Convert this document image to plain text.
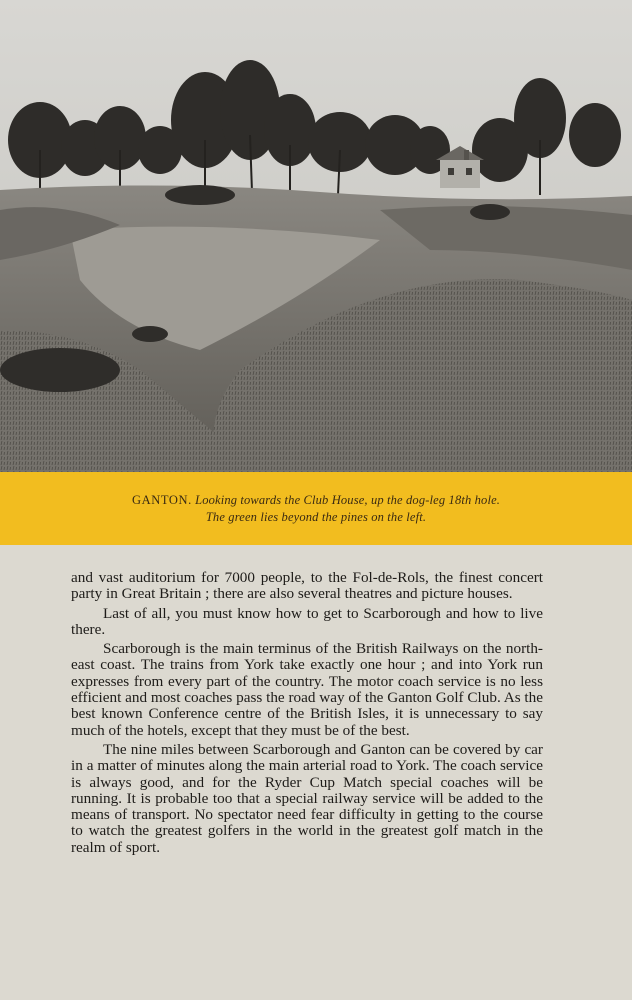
GANTON. Looking towards the Club House, up the dog-leg 18th hole.
The green lies beyond the pines on the left.

and vast auditorium for 7000 people, to the Fol-de-Rols, the finest concert party in Great Britain ; there are also several theatres and picture houses.

Last of all, you must know how to get to Scarborough and how to live there.

Scarborough is the main terminus of the British Railways on the north-east coast. The trains from York take exactly one hour ; and into York run expresses from every part of the country. The motor coach service is no less efficient and most coaches pass the road way of the Ganton Golf Club. As the best known Conference centre of the British Isles, it is unnecessary to say much of the hotels, except that they must be of the best.

The nine miles between Scarborough and Ganton can be covered by car in a matter of minutes along the main arterial road to York. The coach service is always good, and for the Ryder Cup Match special coaches will be running. It is probable too that a special railway service will be added to the means of transport. No spectator need fear difficulty in getting to the course to watch the greatest golfers in the world in the greatest golf match in the realm of sport.
